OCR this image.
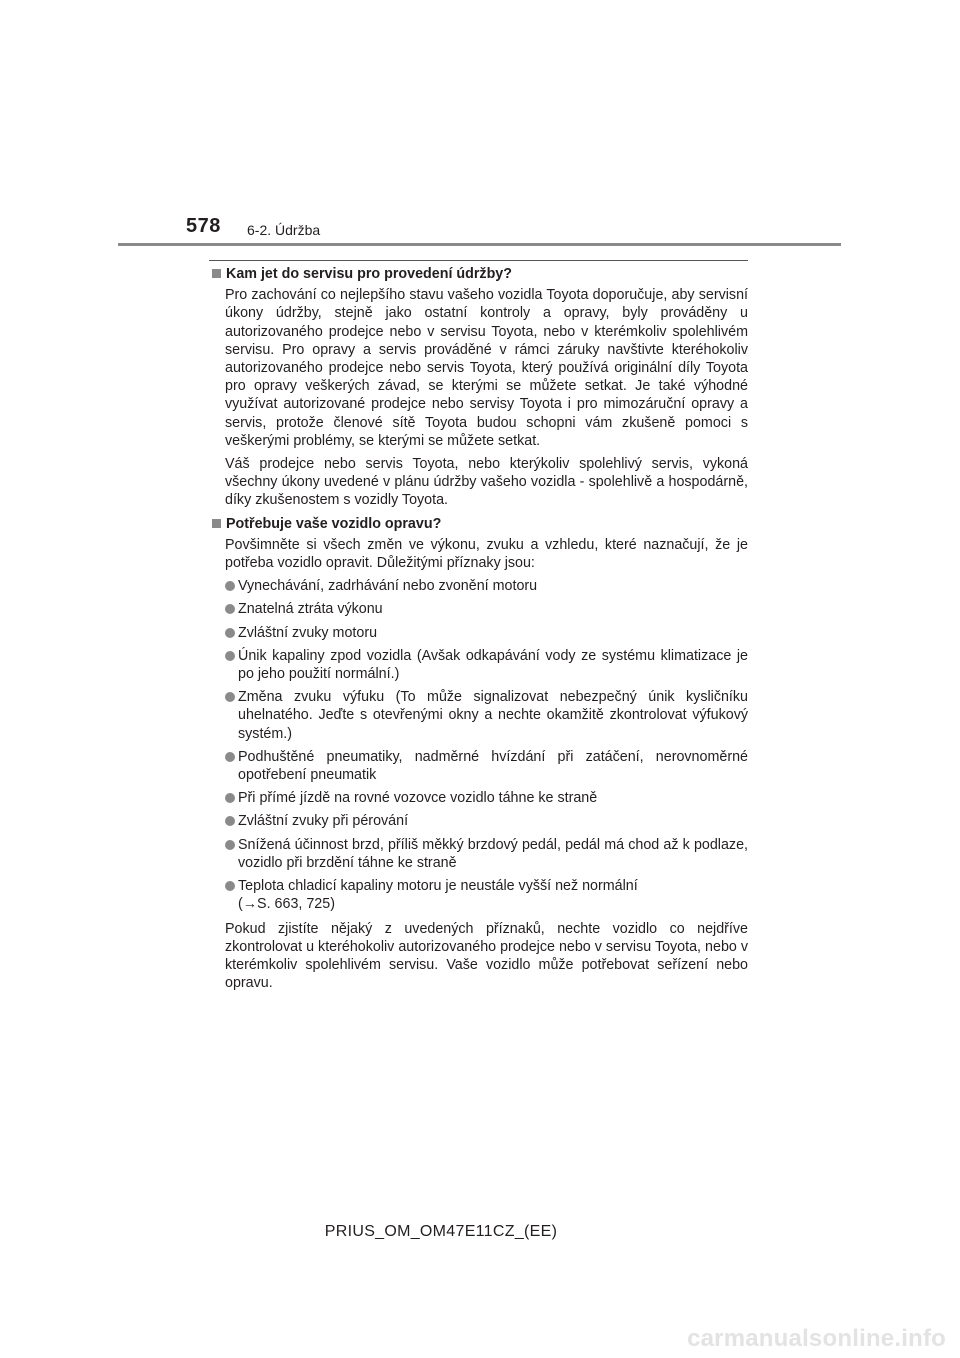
578 6-2. Údržba
Kam jet do servisu pro provedení údržby?

Pro zachování co nejlepšího stavu vašeho vozidla Toyota doporučuje, aby servisní úkony údržby, stejně jako ostatní kontroly a opravy, byly prováděny u autorizovaného prodejce nebo v servisu Toyota, nebo v kterémkoliv spolehlivém servisu. Pro opravy a servis prováděné v rámci záruky navštivte kteréhokoliv autorizovaného prodejce nebo servis Toyota, který používá originální díly Toyota pro opravy veškerých závad, se kterými se můžete setkat. Je také výhodné využívat autorizované prodejce nebo servisy Toyota i pro mimozáruční opravy a servis, protože členové sítě Toyota budou schopni vám zkušeně pomoci s veškerými problémy, se kterými se můžete setkat.

Váš prodejce nebo servis Toyota, nebo kterýkoliv spolehlivý servis, vykoná všechny úkony uvedené v plánu údržby vašeho vozidla - spolehlivě a hospodárně, díky zkušenostem s vozidly Toyota.

Potřebuje vaše vozidlo opravu?

Povšimněte si všech změn ve výkonu, zvuku a vzhledu, které naznačují, že je potřeba vozidlo opravit. Důležitými příznaky jsou:

Vynechávání, zadrhávání nebo zvonění motoru
Znatelná ztráta výkonu
Zvláštní zvuky motoru
Únik kapaliny zpod vozidla (Avšak odkapávání vody ze systému klimatizace je po jeho použití normální.)
Změna zvuku výfuku (To může signalizovat nebezpečný únik kysličníku uhelnatého. Jeďte s otevřenými okny a nechte okamžitě zkontrolovat výfukový systém.)
Podhuštěné pneumatiky, nadměrné hvízdání při zatáčení, nerovnoměrné opotřebení pneumatik
Při přímé jízdě na rovné vozovce vozidlo táhne ke straně
Zvláštní zvuky při pérování
Snížená účinnost brzd, příliš měkký brzdový pedál, pedál má chod až k podlaze, vozidlo při brzdění táhne ke straně
Teplota chladicí kapaliny motoru je neustále vyšší než normální
(→S. 663, 725)

Pokud zjistíte nějaký z uvedených příznaků, nechte vozidlo co nejdříve zkontrolovat u kteréhokoliv autorizovaného prodejce nebo v servisu Toyota, nebo v kterémkoliv spolehlivém servisu. Vaše vozidlo může potřebovat seřízení nebo opravu.

PRIUS_OM_OM47E11CZ_(EE)
carmanualsonline.info
